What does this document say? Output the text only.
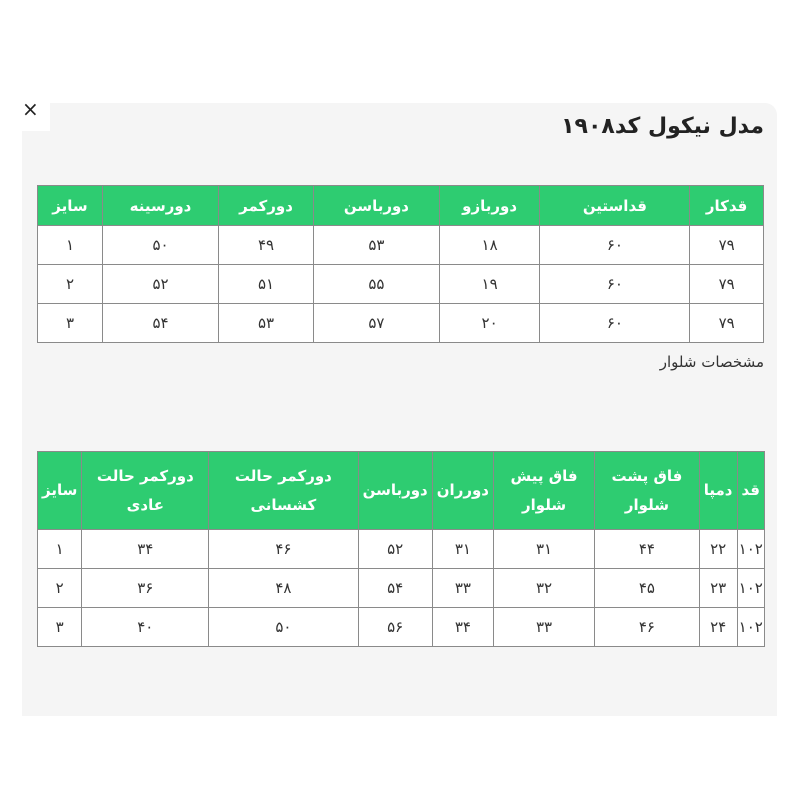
×
مدل نیکول کد۱۹۰۸
قدکار	قداستین	دوربازو	دورباسن	دورکمر	دورسینه	سایز
۷۹	۶۰	۱۸	۵۳	۴۹	۵۰	۱
۷۹	۶۰	۱۹	۵۵	۵۱	۵۲	۲
۷۹	۶۰	۲۰	۵۷	۵۳	۵۴	۳
مشخصات شلوار
قد	دمپا	فاق پشت شلوار	فاق پیش شلوار	دورران	دورباسن	دورکمر حالت کشسانی	دورکمر حالت عادی	سایز
۱۰۲	۲۲	۴۴	۳۱	۳۱	۵۲	۴۶	۳۴	۱
۱۰۲	۲۳	۴۵	۳۲	۳۳	۵۴	۴۸	۳۶	۲
۱۰۲	۲۴	۴۶	۳۳	۳۴	۵۶	۵۰	۴۰	۳
